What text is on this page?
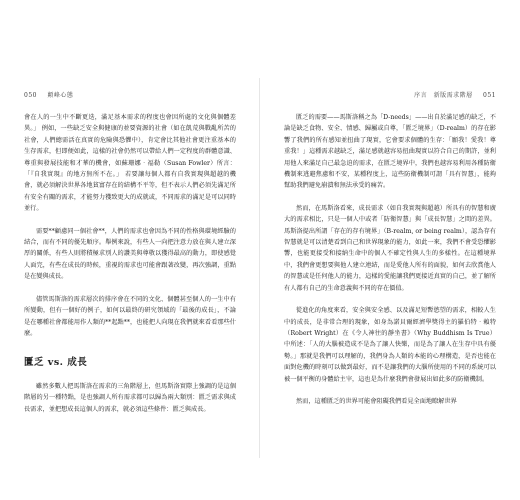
050 顛峰心態

會在人的一生中不斷更迭，滿足基本需求的程度也會因所處的文化與個體差異。」 例如，一些缺乏安全與健康的並要資源的社會（如在飢荒與戰亂所苦的社會，人們總需活在真實的危險與恐懼中），肯定會比其他社會更注重基本的生存需求，但即便如此，這樣的社會仍然可以帶給人們一定程度的群體意識、尊重與發展技能和才華的機會，如蘇珊娜‧福勒（Susan Fowler）所言：「『自我實現』的地方無所不在。」 若要讓每個人都有自我實現與超越的機會，就必須解決世界各地貧富存在的結構不平等，但不表示人們必須先滿足所有安全有關的需求，才能努力獲致更大的成就或，不同需求的滿足是可以同時並行。

需要**顧慮同一個社會**，人們的需求也會因為不同的性格與環境經驗的結合，而有不同的優先順序。舉例來說，有些人一向把注意力放在與人建立深厚的關係，有些人則將積極求別人的讚美與尊敬以獲得最高的動力，即使感覺人面完，有些在成長的時候，重視的需求也可能會跟著改變，再次強調，重點是在變與成長。

儘管馬斯洛的需求層次的排序會在不同的文化、個體甚至個人的一生中有所變動，但有一個好的例子，如何以最終的研究領域的「最後的成長」，不論是在哪種社會都能用作人類的**起點**，也能把人向現在我們就來看看那些什麼。

匱乏 vs. 成長

雖然多數人把馬斯洛在需求的三角階層上，但馬斯洛實際上強調的是這個階層的另一種特點，是也強調人所有需求都可以歸為兩大類別：匱乏需求與成長需求，並把想成長這個人的需求，就必須這些條件：匱乏與成長。

序言　新版需求階層 051

匱乏的需要——馬斯洛稱之為「D-needs」——出自於滿足感的缺乏，不論是缺乏食物、安全、情感、歸屬或自尊，「匱乏境界」（D-realm）的存在影響了我們的所有感知並扭曲了現實，它會要求個體的生存：「願我！愛我！尊重我！」這種需求越缺乏，滿足感就越容易扭曲現實以符合自己的期許，並利用他人來滿足自己最急迫的需求，在匱乏境界中，我們也越容易利用各種防衛機制來逃避焦慮和不安，某種程度上，這些防衛機制可謂「具有智慧」，能夠幫助我們避免崩潰和無法承受的痛苦。

然而，在馬斯洛看來，成長需求（如自我實現與超越）所具有的智慧和廣大的需求相比，只是一個人中或者「防衛智慧」與「成長智慧」之間的差異。馬斯洛提出所謂「存在的存有境界」（B-realm, or being realm），認為存有智慧就是可以清楚看到自己和世界現象的能力，如此一來，我們不會受恐懼影響，也能更接受和接納生命中的個人不確定性與人生的多樣性。在這種境界中，我們會更想要與他人建立連結，而是愛他人所有的面貌，如何去欣賞他人的智慧或是任何他人的能力，這樣的愛能讓我們更接近真實的自己，並了解所有人都有自己的生命意義與不同的存在價值。

從進化的角度來看，安全與安全感、以及滿足短暫慾望的需求，相較人生中的成長，是非常合理的現象，如身為諾貝爾經濟學獎得主的羅伯特‧賴特（Robert Wright）在《令人神往的靜坐書》（Why Buddhism Is True）中所述：「人的大腦被造成不是為了讓人快樂，而是為了讓人在生存中具有優勢。」那就是我們可以理解的，我們身為人類的本能的心理構造，是否也能在面對危機的時刻可以做到最好，而不是讓我們的大腦所使用的不同的系統可以被一個平衡的身體給主宰，這也是為什麼我們會發展出如此多的防衛機制。

然而，這種匱乏的世界可能會阻礙我們看見全面地瞭解世界
